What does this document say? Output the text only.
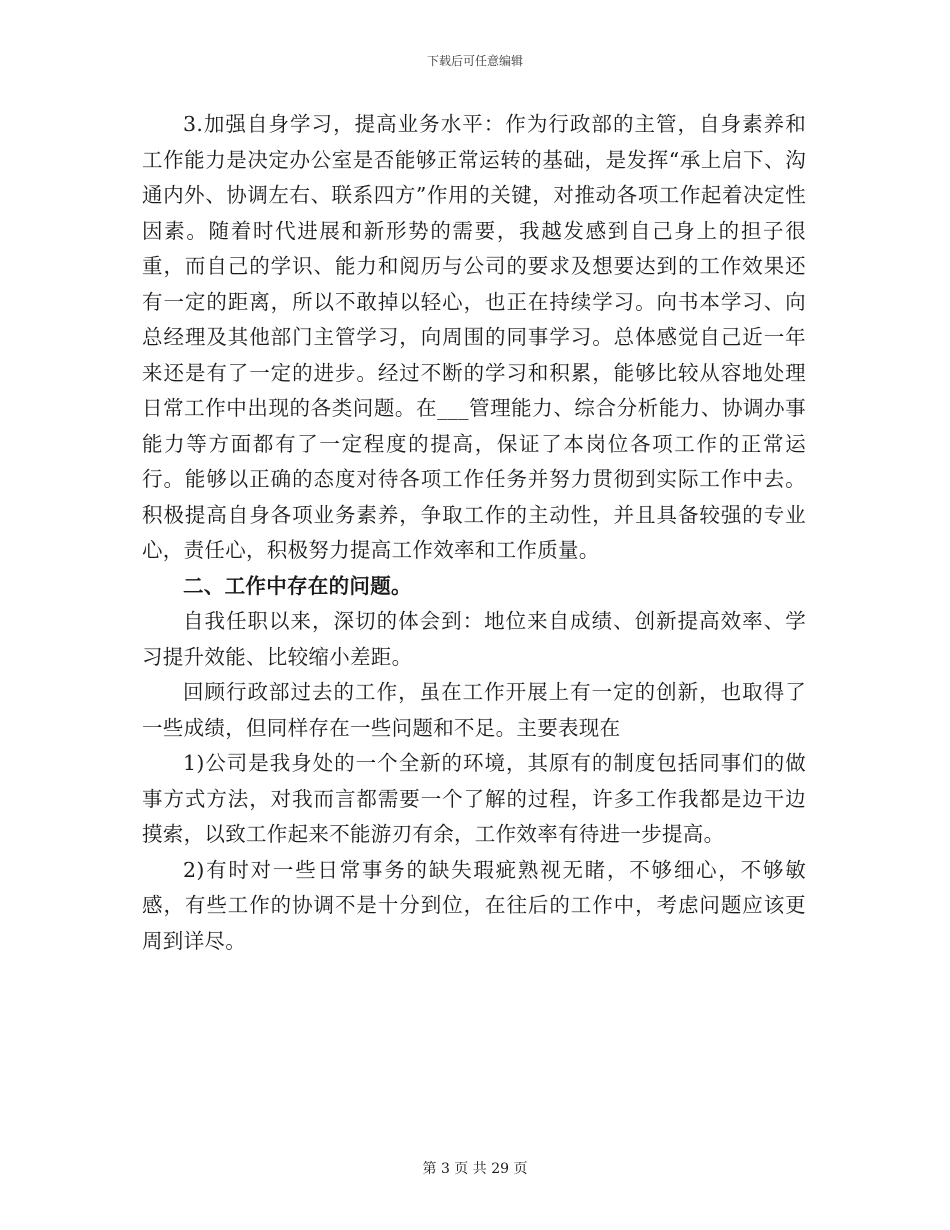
下载后可任意编辑

3.加强自身学习，提高业务水平：作为行政部的主管，自身素养和工作能力是决定办公室是否能够正常运转的基础，是发挥“承上启下、沟通内外、协调左右、联系四方”作用的关键，对推动各项工作起着决定性因素。随着时代进展和新形势的需要，我越发感到自己身上的担子很重，而自己的学识、能力和阅历与公司的要求及想要达到的工作效果还有一定的距离，所以不敢掉以轻心，也正在持续学习。向书本学习、向总经理及其他部门主管学习，向周围的同事学习。总体感觉自己近一年来还是有了一定的进步。经过不断的学习和积累，能够比较从容地处理日常工作中出现的各类问题。在___管理能力、综合分析能力、协调办事能力等方面都有了一定程度的提高，保证了本岗位各项工作的正常运行。能够以正确的态度对待各项工作任务并努力贯彻到实际工作中去。积极提高自身各项业务素养，争取工作的主动性，并且具备较强的专业心，责任心，积极努力提高工作效率和工作质量。

二、工作中存在的问题。

自我任职以来，深切的体会到：地位来自成绩、创新提高效率、学习提升效能、比较缩小差距。

回顾行政部过去的工作，虽在工作开展上有一定的创新，也取得了一些成绩，但同样存在一些问题和不足。主要表现在

1)公司是我身处的一个全新的环境，其原有的制度包括同事们的做事方式方法，对我而言都需要一个了解的过程，许多工作我都是边干边摸索，以致工作起来不能游刃有余，工作效率有待进一步提高。

2)有时对一些日常事务的缺失瑕疵熟视无睹，不够细心，不够敏感，有些工作的协调不是十分到位，在往后的工作中，考虑问题应该更周到详尽。

第 3 页 共 29 页
